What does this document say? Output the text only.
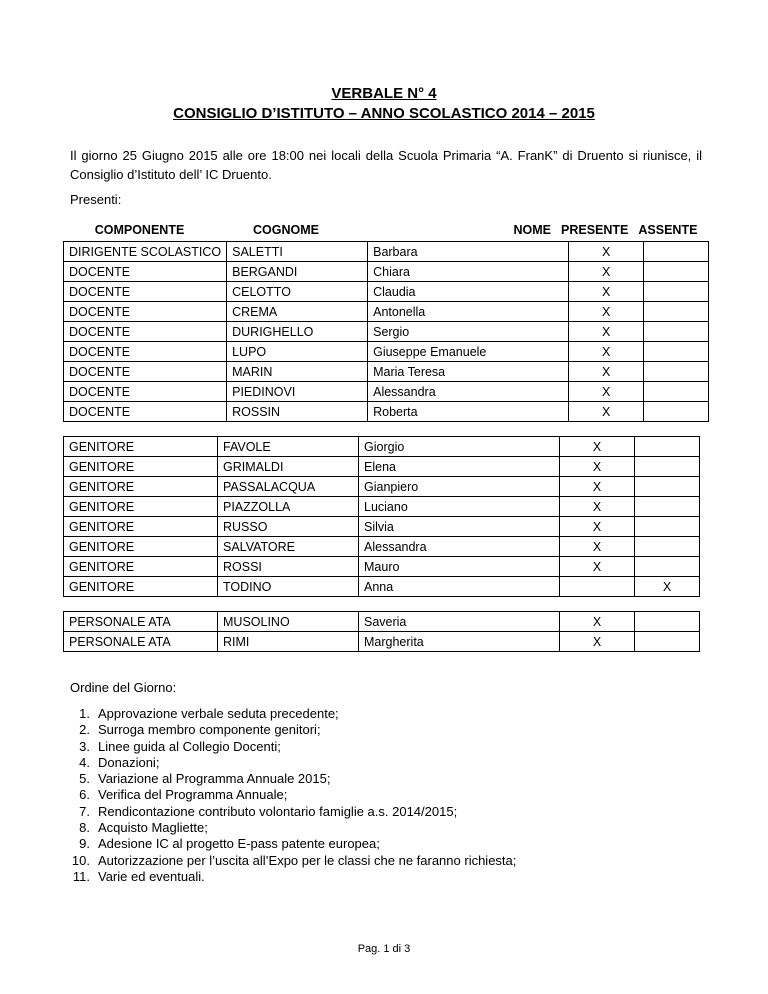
VERBALE N° 4
CONSIGLIO D’ISTITUTO – ANNO SCOLASTICO 2014 – 2015
Il giorno 25 Giugno 2015 alle ore 18:00 nei locali della Scuola Primaria “A. FranK” di Druento si riunisce, il Consiglio d’Istituto dell’ IC Druento.
Presenti:
COMPONENTE	COGNOME	NOME	PRESENTE	ASSENTE
DIRIGENTE SCOLASTICO	SALETTI	Barbara	X	
DOCENTE	BERGANDI	Chiara	X	
DOCENTE	CELOTTO	Claudia	X	
DOCENTE	CREMA	Antonella	X	
DOCENTE	DURIGHELLO	Sergio	X	
DOCENTE	LUPO	Giuseppe Emanuele	X	
DOCENTE	MARIN	Maria Teresa	X	
DOCENTE	PIEDINOVI	Alessandra	X	
DOCENTE	ROSSIN	Roberta	X	
GENITORE	FAVOLE	Giorgio	X	
GENITORE	GRIMALDI	Elena	X	
GENITORE	PASSALACQUA	Gianpiero	X	
GENITORE	PIAZZOLLA	Luciano	X	
GENITORE	RUSSO	Silvia	X	
GENITORE	SALVATORE	Alessandra	X	
GENITORE	ROSSI	Mauro	X	
GENITORE	TODINO	Anna		X
PERSONALE ATA	MUSOLINO	Saveria	X	
PERSONALE ATA	RIMI	Margherita	X	
Ordine del Giorno:
1. Approvazione verbale seduta precedente;
2. Surroga membro componente genitori;
3. Linee guida al Collegio Docenti;
4. Donazioni;
5. Variazione al Programma Annuale 2015;
6. Verifica del Programma Annuale;
7. Rendicontazione contributo volontario famiglie a.s. 2014/2015;
8. Acquisto Magliette;
9. Adesione IC al progetto E-pass patente europea;
10. Autorizzazione per l’uscita all’Expo per le classi che ne faranno richiesta;
11. Varie ed eventuali.
Pag. 1 di 3
